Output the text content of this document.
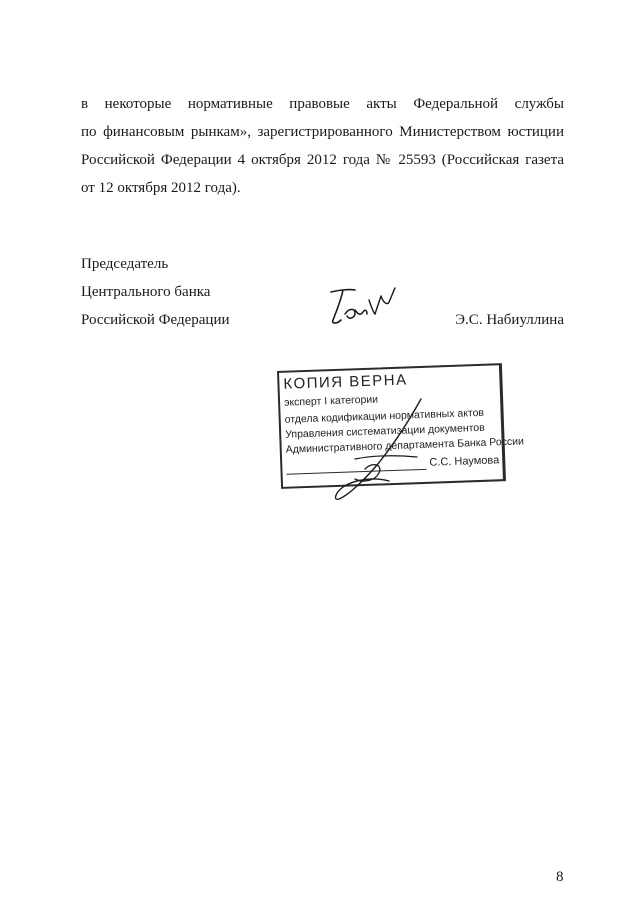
в некоторые нормативные правовые акты Федеральной службы
по финансовым рынкам», зарегистрированного Министерством юстиции
Российской Федерации 4 октября 2012 года № 25593 (Российская газета
от 12 октября 2012 года).
Председатель
Центрального банка
Российской Федерации	Э.С. Набиуллина
КОПИЯ ВЕРНА
эксперт I категории
отдела кодификации нормативных актов
Управления систематизации документов
Административного департамента Банка России
С.С. Наумова
8
